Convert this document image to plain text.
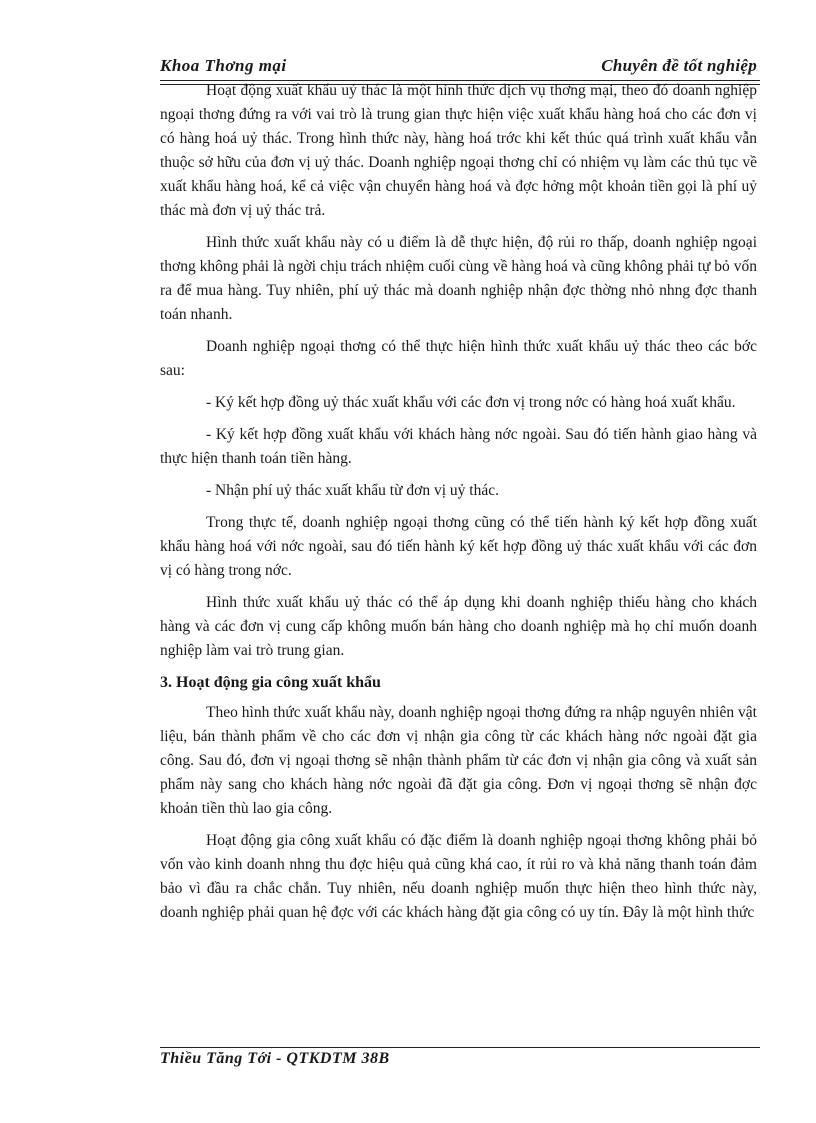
Khoa Thơng mại	Chuyên đề tốt nghiệp

Hoạt động xuất khẩu uỷ thác là một hình thức dịch vụ thơng mại, theo đó doanh nghiệp ngoại thơng đứng ra với vai trò là trung gian thực hiện việc xuất khẩu hàng hoá cho các đơn vị có hàng hoá uỷ thác. Trong hình thức này, hàng hoá trớc khi kết thúc quá trình xuất khẩu vẫn thuộc sở hữu của đơn vị uỷ thác. Doanh nghiệp ngoại thơng chỉ có nhiệm vụ làm các thủ tục về xuất khẩu hàng hoá, kể cả việc vận chuyển hàng hoá và đợc hởng một khoản tiền gọi là phí uỷ thác mà đơn vị uỷ thác trả.

Hình thức xuất khẩu này có u điểm là dễ thực hiện, độ rủi ro thấp, doanh nghiệp ngoại thơng không phải là ngời chịu trách nhiệm cuối cùng về hàng hoá và cũng không phải tự bỏ vốn ra để mua hàng. Tuy nhiên, phí uỷ thác mà doanh nghiệp nhận đợc thờng nhỏ nhng đợc thanh toán nhanh.

Doanh nghiệp ngoại thơng có thể thực hiện hình thức xuất khẩu uỷ thác theo các bớc sau:

- Ký kết hợp đồng uỷ thác xuất khẩu với các đơn vị trong nớc có hàng hoá xuất khẩu.

- Ký kết hợp đồng xuất khẩu với khách hàng nớc ngoài. Sau đó tiến hành giao hàng và thực hiện thanh toán tiền hàng.

- Nhận phí uỷ thác xuất khẩu từ đơn vị uỷ thác.

Trong thực tế, doanh nghiệp ngoại thơng cũng có thể tiến hành ký kết hợp đồng xuất khẩu hàng hoá với nớc ngoài, sau đó tiến hành ký kết hợp đồng uỷ thác xuất khẩu với các đơn vị có hàng trong nớc.

Hình thức xuất khẩu uỷ thác có thể áp dụng khi doanh nghiệp thiếu hàng cho khách hàng và các đơn vị cung cấp không muốn bán hàng cho doanh nghiệp mà họ chỉ muốn doanh nghiệp làm vai trò trung gian.

3. Hoạt động gia công xuất khẩu

Theo hình thức xuất khẩu này, doanh nghiệp ngoại thơng đứng ra nhập nguyên nhiên vật liệu, bán thành phẩm về cho các đơn vị nhận gia công từ các khách hàng nớc ngoài đặt gia công. Sau đó, đơn vị ngoại thơng sẽ nhận thành phẩm từ các đơn vị nhận gia công và xuất sản phẩm này sang cho khách hàng nớc ngoài đã đặt gia công. Đơn vị ngoại thơng sẽ nhận đợc khoản tiền thù lao gia công.

Hoạt động gia công xuất khẩu có đặc điểm là doanh nghiệp ngoại thơng không phải bỏ vốn vào kinh doanh nhng thu đợc hiệu quả cũng khá cao, ít rủi ro và khả năng thanh toán đảm bảo vì đầu ra chắc chắn. Tuy nhiên, nếu doanh nghiệp muốn thực hiện theo hình thức này, doanh nghiệp phải quan hệ đợc với các khách hàng đặt gia công có uy tín. Đây là một hình thức

Thiều Tăng Tới - QTKDTM 38B
